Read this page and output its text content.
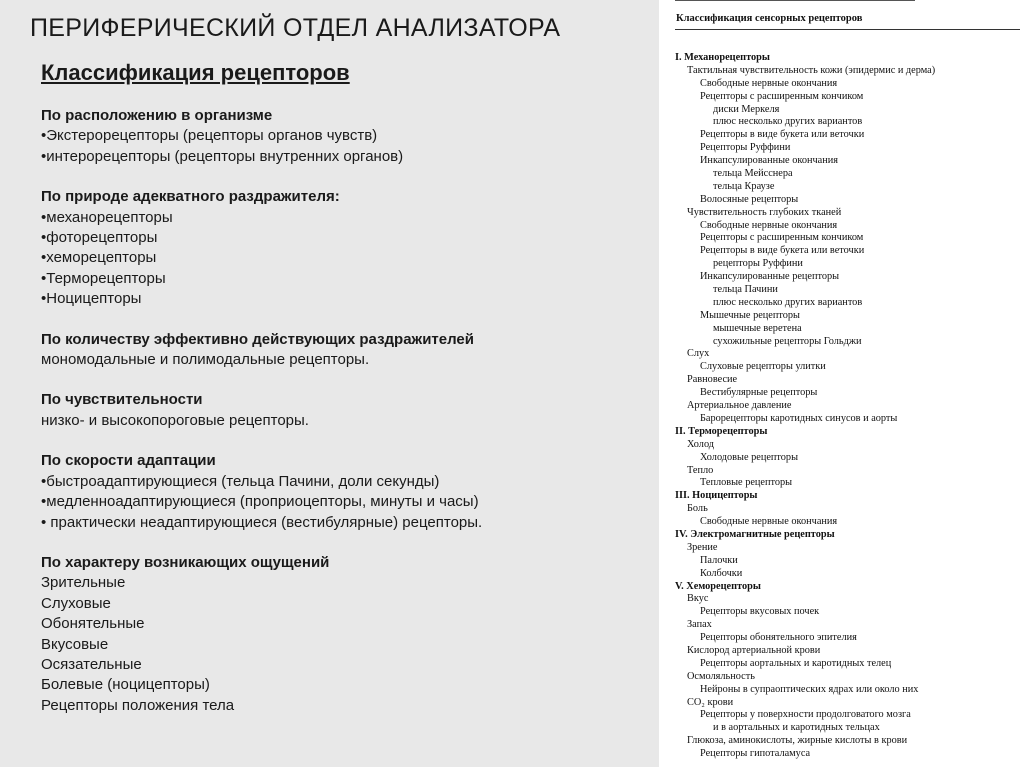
ПЕРИФЕРИЧЕСКИЙ ОТДЕЛ АНАЛИЗАТОРА
Классификация рецепторов
По расположению в организме
•Экстерорецепторы (рецепторы органов чувств)
•интерорецепторы (рецепторы внутренних органов)
По природе адекватного раздражителя:
•механорецепторы
•фоторецепторы
•хеморецепторы
•Терморецепторы
•Ноцицепторы
По количеству эффективно действующих раздражителей
мономодальные и полимодальные рецепторы.
По чувствительности
низко- и высокопороговые рецепторы.
По скорости адаптации
•быстроадаптирующиеся (тельца Пачини, доли секунды)
•медленноадаптирующиеся (проприоцепторы, минуты и часы)
• практически неадаптирующиеся (вестибулярные) рецепторы.
По характеру возникающих ощущений
Зрительные
Слуховые
Обонятельные
Вкусовые
Осязательные
Болевые (ноцицепторы)
Рецепторы положения тела
Классификация сенсорных рецепторов
I. Механорецепторы
Тактильная чувствительность кожи (эпидермис и дерма)
Свободные нервные окончания
Рецепторы с расширенным кончиком
диски Меркеля
плюс несколько других вариантов
Рецепторы в виде букета или веточки
Рецепторы Руффини
Инкапсулированные окончания
тельца Мейсснера
тельца Краузе
Волосяные рецепторы
Чувствительность глубоких тканей
Свободные нервные окончания
Рецепторы с расширенным кончиком
Рецепторы в виде букета или веточки
рецепторы Руффини
Инкапсулированные рецепторы
тельца Пачини
плюс несколько других вариантов
Мышечные рецепторы
мышечные веретена
сухожильные рецепторы Гольджи
Слух
Слуховые рецепторы улитки
Равновесие
Вестибулярные рецепторы
Артериальное давление
Барорецепторы каротидных синусов и аорты
II. Терморецепторы
Холод
Холодовые рецепторы
Тепло
Тепловые рецепторы
III. Ноцицепторы
Боль
Свободные нервные окончания
IV. Электромагнитные рецепторы
Зрение
Палочки
Колбочки
V. Хеморецепторы
Вкус
Рецепторы вкусовых почек
Запах
Рецепторы обонятельного эпителия
Кислород артериальной крови
Рецепторы аортальных и каротидных телец
Осмоляльность
Нейроны в супраоптических ядрах или около них
CO₂ крови
Рецепторы у поверхности продолговатого мозга
и в аортальных и каротидных тельцах
Глюкоза, аминокислоты, жирные кислоты в крови
Рецепторы гипоталамуса
